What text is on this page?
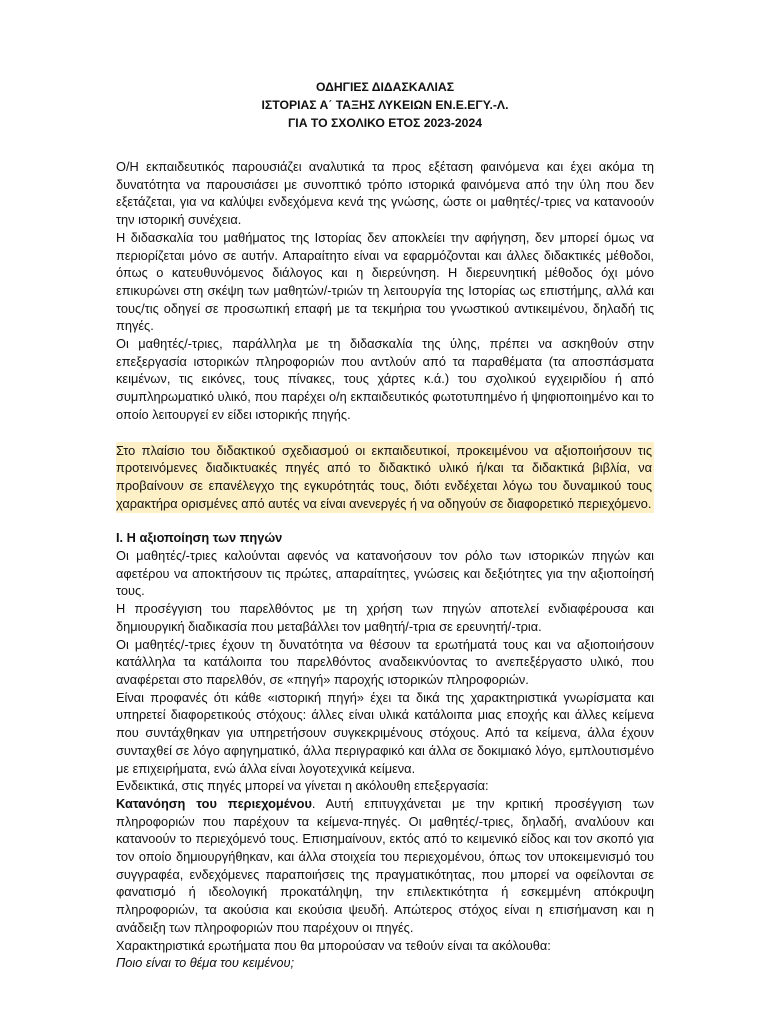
ΟΔΗΓΙΕΣ ΔΙΔΑΣΚΑΛΙΑΣ
ΙΣΤΟΡΙΑΣ Α΄ ΤΑΞΗΣ ΛΥΚΕΙΩΝ ΕΝ.Ε.ΕΓΥ.-Λ.
ΓΙΑ ΤΟ ΣΧΟΛΙΚΟ ΕΤΟΣ 2023-2024

Ο/Η εκπαιδευτικός παρουσιάζει αναλυτικά τα προς εξέταση φαινόμενα και έχει ακόμα τη δυνατότητα να παρουσιάσει με συνοπτικό τρόπο ιστορικά φαινόμενα από την ύλη που δεν εξετάζεται, για να καλύψει ενδεχόμενα κενά της γνώσης, ώστε οι μαθητές/-τριες να κατανοούν την ιστορική συνέχεια.

Η διδασκαλία του μαθήματος της Ιστορίας δεν αποκλείει την αφήγηση, δεν μπορεί όμως να περιορίζεται μόνο σε αυτήν. Απαραίτητο είναι να εφαρμόζονται και άλλες διδακτικές μέθοδοι, όπως ο κατευθυνόμενος διάλογος και η διερεύνηση. Η διερευνητική μέθοδος όχι μόνο επικυρώνει στη σκέψη των μαθητών/-τριών τη λειτουργία της Ιστορίας ως επιστήμης, αλλά και τους/τις οδηγεί σε προσωπική επαφή με τα τεκμήρια του γνωστικού αντικειμένου, δηλαδή τις πηγές.

Οι μαθητές/-τριες, παράλληλα με τη διδασκαλία της ύλης, πρέπει να ασκηθούν στην επεξεργασία ιστορικών πληροφοριών που αντλούν από τα παραθέματα (τα αποσπάσματα κειμένων, τις εικόνες, τους πίνακες, τους χάρτες κ.ά.) του σχολικού εγχειριδίου ή από συμπληρωματικό υλικό, που παρέχει ο/η εκπαιδευτικός φωτοτυπημένο ή ψηφιοποιημένο και το οποίο λειτουργεί εν είδει ιστορικής πηγής.

Στο πλαίσιο του διδακτικού σχεδιασμού οι εκπαιδευτικοί, προκειμένου να αξιοποιήσουν τις προτεινόμενες διαδικτυακές πηγές από το διδακτικό υλικό ή/και τα διδακτικά βιβλία, να προβαίνουν σε επανέλεγχο της εγκυρότητάς τους, διότι ενδέχεται λόγω του δυναμικού τους χαρακτήρα ορισμένες από αυτές να είναι ανενεργές ή να οδηγούν σε διαφορετικό περιεχόμενο.

Ι. Η αξιοποίηση των πηγών

Οι μαθητές/-τριες καλούνται αφενός να κατανοήσουν τον ρόλο των ιστορικών πηγών και αφετέρου να αποκτήσουν τις πρώτες, απαραίτητες, γνώσεις και δεξιότητες για την αξιοποίησή τους.

Η προσέγγιση του παρελθόντος με τη χρήση των πηγών αποτελεί ενδιαφέρουσα και δημιουργική διαδικασία που μεταβάλλει τον μαθητή/-τρια σε ερευνητή/-τρια.

Οι μαθητές/-τριες έχουν τη δυνατότητα να θέσουν τα ερωτήματά τους και να αξιοποιήσουν κατάλληλα τα κατάλοιπα του παρελθόντος αναδεικνύοντας το ανεπεξέργαστο υλικό, που αναφέρεται στο παρελθόν, σε «πηγή» παροχής ιστορικών πληροφοριών.

Είναι προφανές ότι κάθε «ιστορική πηγή» έχει τα δικά της χαρακτηριστικά γνωρίσματα και υπηρετεί διαφορετικούς στόχους: άλλες είναι υλικά κατάλοιπα μιας εποχής και άλλες κείμενα που συντάχθηκαν για υπηρετήσουν συγκεκριμένους στόχους. Από τα κείμενα, άλλα έχουν συνταχθεί σε λόγο αφηγηματικό, άλλα περιγραφικό και άλλα σε δοκιμιακό λόγο, εμπλουτισμένο με επιχειρήματα, ενώ άλλα είναι λογοτεχνικά κείμενα.

Ενδεικτικά, στις πηγές μπορεί να γίνεται η ακόλουθη επεξεργασία:

Κατανόηση του περιεχομένου. Αυτή επιτυγχάνεται με την κριτική προσέγγιση των πληροφοριών που παρέχουν τα κείμενα-πηγές. Οι μαθητές/-τριες, δηλαδή, αναλύουν και κατανοούν το περιεχόμενό τους. Επισημαίνουν, εκτός από το κειμενικό είδος και τον σκοπό για τον οποίο δημιουργήθηκαν, και άλλα στοιχεία του περιεχομένου, όπως τον υποκειμενισμό του συγγραφέα, ενδεχόμενες παραποιήσεις της πραγματικότητας, που μπορεί να οφείλονται σε φανατισμό ή ιδεολογική προκατάληψη, την επιλεκτικότητα ή εσκεμμένη απόκρυψη πληροφοριών, τα ακούσια και εκούσια ψευδή. Απώτερος στόχος είναι η επισήμανση και η ανάδειξη των πληροφοριών που παρέχουν οι πηγές.

Χαρακτηριστικά ερωτήματα που θα μπορούσαν να τεθούν είναι τα ακόλουθα:

Ποιο είναι το θέμα του κειμένου;
